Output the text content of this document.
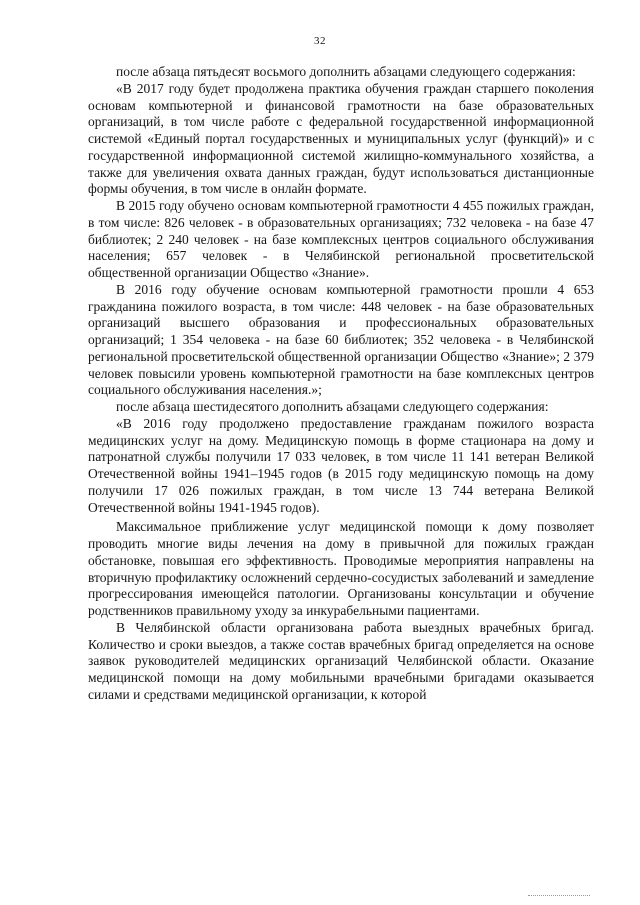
32

после абзаца пятьдесят восьмого дополнить абзацами следующего содержания:

«В 2017 году будет продолжена практика обучения граждан старшего поколения основам компьютерной и финансовой грамотности на базе образовательных организаций, в том числе работе с федеральной государственной информационной системой «Единый портал государственных и муниципальных услуг (функций)» и с государственной информационной системой жилищно-коммунального хозяйства, а также для увеличения охвата данных граждан, будут использоваться дистанционные формы обучения, в том числе в онлайн формате.

В 2015 году обучено основам компьютерной грамотности 4 455 пожилых граждан, в том числе: 826 человек - в образовательных организациях; 732 человека - на базе 47 библиотек; 2 240 человек - на базе комплексных центров социального обслуживания населения; 657 человек - в Челябинской региональной просветительской общественной организации Общество «Знание».

В 2016 году обучение основам компьютерной грамотности прошли 4 653 гражданина пожилого возраста, в том числе: 448 человек - на базе образовательных организаций высшего образования и профессиональных образовательных организаций; 1 354 человека - на базе 60 библиотек; 352 человека - в Челябинской региональной просветительской общественной организации Общество «Знание»; 2 379 человек повысили уровень компьютерной грамотности на базе комплексных центров социального обслуживания населения.»;

после абзаца шестидесятого дополнить абзацами следующего содержания:

«В 2016 году продолжено предоставление гражданам пожилого возраста медицинских услуг на дому. Медицинскую помощь в форме стационара на дому и патронатной службы получили 17 033 человек, в том числе 11 141 ветеран Великой Отечественной войны 1941–1945 годов (в 2015 году медицинскую помощь на дому получили 17 026 пожилых граждан, в том числе 13 744 ветерана Великой Отечественной войны 1941-1945 годов).

Максимальное приближение услуг медицинской помощи к дому позволяет проводить многие виды лечения на дому в привычной для пожилых граждан обстановке, повышая его эффективность. Проводимые мероприятия направлены на вторичную профилактику осложнений сердечно-сосудистых заболеваний и замедление прогрессирования имеющейся патологии. Организованы консультации и обучение родственников правильному уходу за инкурабельными пациентами.

В Челябинской области организована работа выездных врачебных бригад. Количество и сроки выездов, а также состав врачебных бригад определяется на основе заявок руководителей медицинских организаций Челябинской области. Оказание медицинской помощи на дому мобильными врачебными бригадами оказывается силами и средствами медицинской организации, к которой
